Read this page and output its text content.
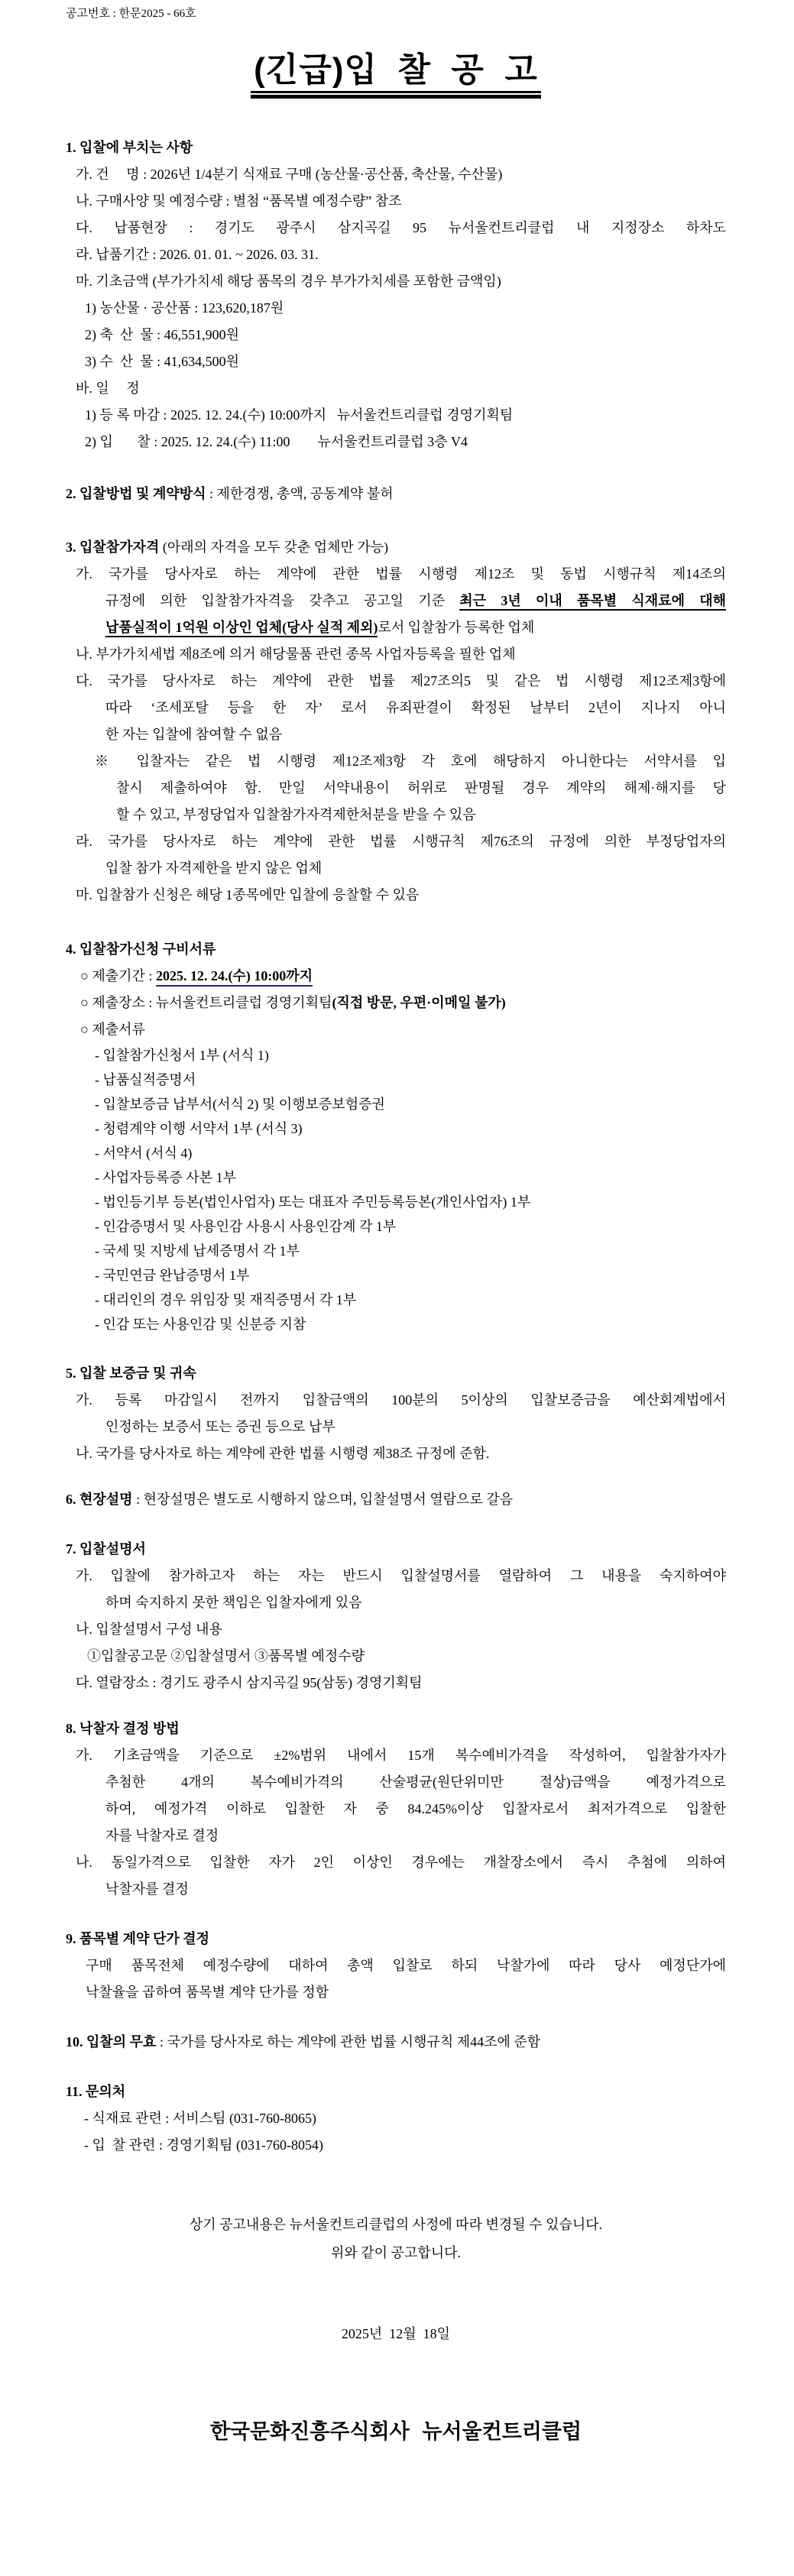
공고번호 : 한문2025 - 66호
(긴급)입  찰  공  고
1. 입찰에 부치는 사항
가. 건     명 : 2026년 1/4분기 식재료 구매 (농산물·공산품, 축산물, 수산물)
나. 구매사양 및 예정수량 : 별첨 “품목별 예정수량” 참조
다. 납품현장 : 경기도 광주시 삼지곡길 95 뉴서울컨트리클럽 내 지정장소 하차도
라. 납품기간 : 2026. 01. 01. ~ 2026. 03. 31.
마. 기초금액 (부가가치세 해당 품목의 경우 부가가치세를 포함한 금액임)
1) 농산물 · 공산품 : 123,620,187원
2) 축  산  물 : 46,551,900원
3) 수  산  물 : 41,634,500원
바. 일     정
1) 등 록 마감 : 2025. 12. 24.(수) 10:00까지   뉴서울컨트리클럽 경영기획팀
2) 입       찰 : 2025. 12. 24.(수) 11:00        뉴서울컨트리클럽 3층 V4
2. 입찰방법 및 계약방식 : 제한경쟁, 총액, 공동계약 불허
3. 입찰참가자격 (아래의 자격을 모두 갖춘 업체만 가능)
가. 국가를 당사자로 하는 계약에 관한 법률 시행령 제12조 및 동법 시행규칙 제14조의
규정에 의한 입찰참가자격을 갖추고 공고일 기준 최근 3년 이내 품목별 식재료에 대해
납품실적이 1억원 이상인 업체(당사 실적 제외)로서 입찰참가 등록한 업체
나. 부가가치세법 제8조에 의거 해당물품 관련 종목 사업자등록을 필한 업체
다. 국가를 당사자로 하는 계약에 관한 법률 제27조의5 및 같은 법 시행령 제12조제3항에
따라 ‘조세포탈 등을 한 자’ 로서 유죄판결이 확정된 날부터 2년이 지나지 아니
한 자는 입찰에 참여할 수 없음
※ 입찰자는 같은 법 시행령 제12조제3항 각 호에 해당하지 아니한다는 서약서를 입
찰시 제출하여야 함. 만일 서약내용이 허위로 판명될 경우 계약의 해제·해지를 당
할 수 있고, 부정당업자 입찰참가자격제한처분을 받을 수 있음
라. 국가를 당사자로 하는 계약에 관한 법률 시행규칙 제76조의 규정에 의한 부정당업자의
입찰 참가 자격제한을 받지 않은 업체
마. 입찰참가 신청은 해당 1종목에만 입찰에 응찰할 수 있음
4. 입찰참가신청 구비서류
○ 제출기간 : 2025. 12. 24.(수) 10:00까지
○ 제출장소 : 뉴서울컨트리클럽 경영기획팀(직접 방문, 우편·이메일 불가)
○ 제출서류
- 입찰참가신청서 1부 (서식 1)
- 납품실적증명서
- 입찰보증금 납부서(서식 2) 및 이행보증보험증권
- 청렴계약 이행 서약서 1부 (서식 3)
- 서약서 (서식 4)
- 사업자등록증 사본 1부
- 법인등기부 등본(법인사업자) 또는 대표자 주민등록등본(개인사업자) 1부
- 인감증명서 및 사용인감 사용시 사용인감계 각 1부
- 국세 및 지방세 납세증명서 각 1부
- 국민연금 완납증명서 1부
- 대리인의 경우 위임장 및 재직증명서 각 1부
- 인감 또는 사용인감 및 신분증 지참
5. 입찰 보증금 및 귀속
가. 등록 마감일시 전까지 입찰금액의 100분의 5이상의 입찰보증금을 예산회계법에서
인정하는 보증서 또는 증권 등으로 납부
나. 국가를 당사자로 하는 계약에 관한 법률 시행령 제38조 규정에 준함.
6. 현장설명 : 현장설명은 별도로 시행하지 않으며, 입찰설명서 열람으로 갈음
7. 입찰설명서
가. 입찰에 참가하고자 하는 자는 반드시 입찰설명서를 열람하여 그 내용을 숙지하여야
하며 숙지하지 못한 책임은 입찰자에게 있음
나. 입찰설명서 구성 내용
①입찰공고문 ②입찰설명서 ③품목별 예정수량
다. 열람장소 : 경기도 광주시 삼지곡길 95(삼동) 경영기획팀
8. 낙찰자 결정 방법
가. 기초금액을 기준으로 ±2%범위 내에서 15개 복수예비가격을 작성하여, 입찰참가자가
추첨한 4개의 복수예비가격의 산술평균(원단위미만 절상)금액을 예정가격으로
하여, 예정가격 이하로 입찰한 자 중 84.245%이상 입찰자로서 최저가격으로 입찰한
자를 낙찰자로 결정
나. 동일가격으로 입찰한 자가 2인 이상인 경우에는 개찰장소에서 즉시 추첨에 의하여
낙찰자를 결정
9. 품목별 계약 단가 결정
구매 품목전체 예정수량에 대하여 총액 입찰로 하되 낙찰가에 따라 당사 예정단가에
낙찰율을 곱하여 품목별 계약 단가를 정함
10. 입찰의 무효 : 국가를 당사자로 하는 계약에 관한 법률 시행규칙 제44조에 준함
11. 문의처
- 식재료 관련 : 서비스팀 (031-760-8065)
- 입  찰 관련 : 경영기획팀 (031-760-8054)
상기 공고내용은 뉴서울컨트리클럽의 사정에 따라 변경될 수 있습니다.
위와 같이 공고합니다.
2025년  12월  18일
한국문화진흥주식회사 뉴서울컨트리클럽
